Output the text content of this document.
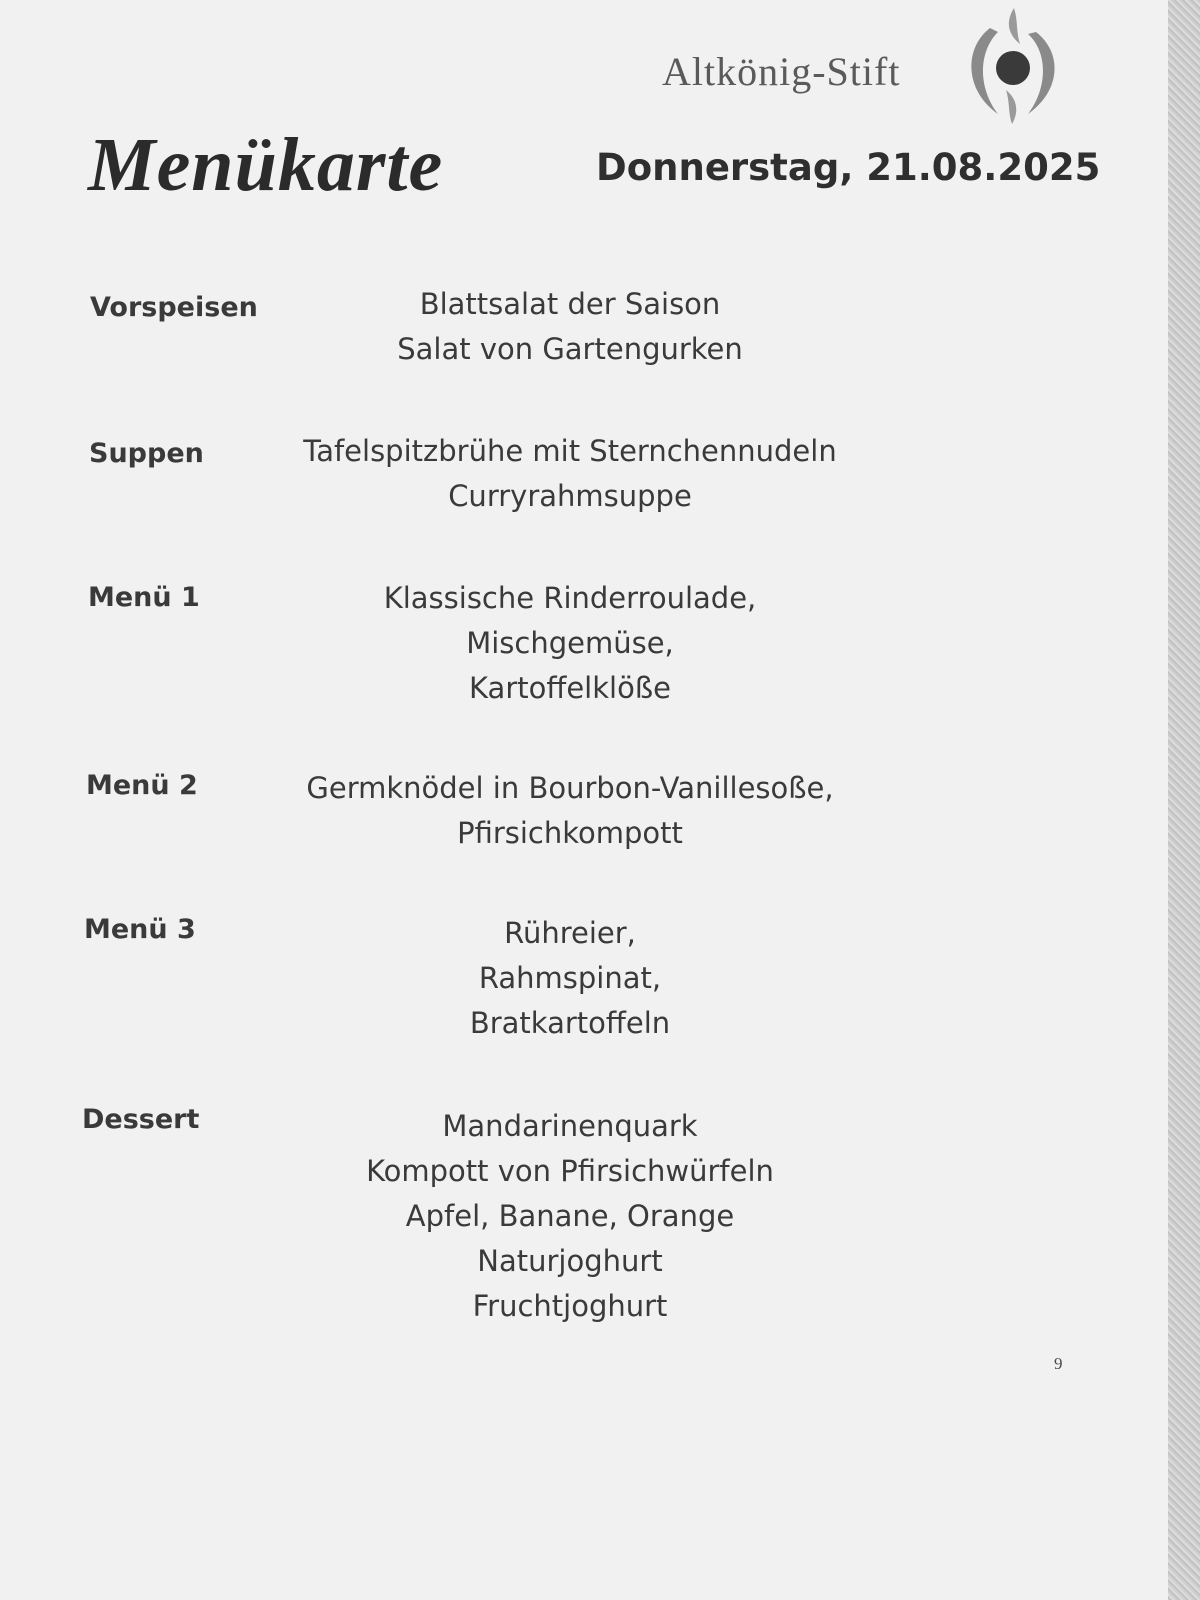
Altkönig-Stift
Menükarte	Donnerstag, 21.08.2025
Vorspeisen	Blattsalat der Saison
Salat von Gartengurken
Suppen	Tafelspitzbrühe mit Sternchennudeln
Curryrahmsuppe
Menü 1	Klassische Rinderroulade,
Mischgemüse,
Kartoffelklöße
Menü 2	Germknödel in Bourbon-Vanillesoße,
Pfirsichkompott
Menü 3	Rühreier,
Rahmspinat,
Bratkartoffeln
Dessert	Mandarinenquark
Kompott von Pfirsichwürfeln
Apfel, Banane, Orange
Naturjoghurt
Fruchtjoghurt
9
